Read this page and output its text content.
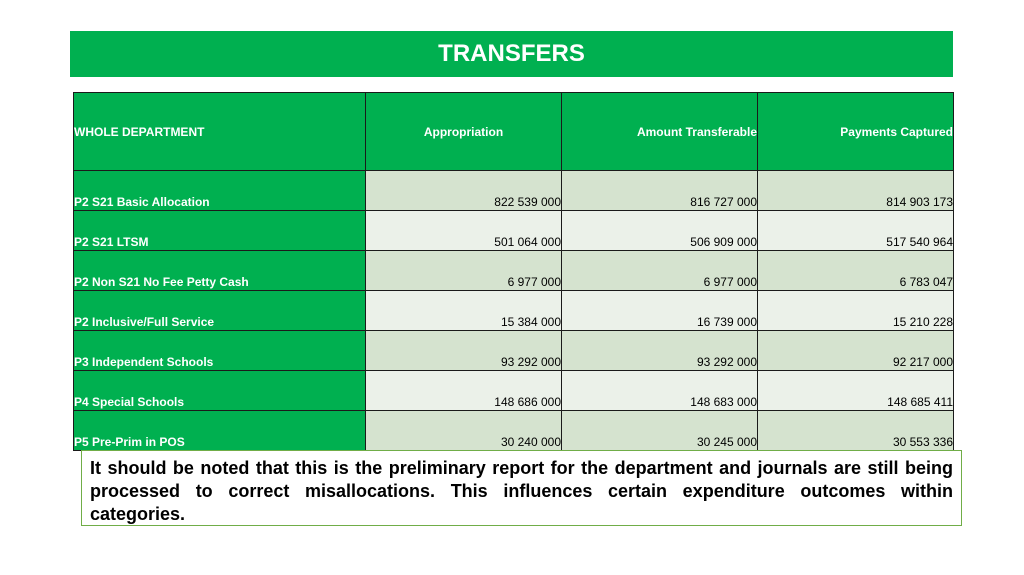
TRANSFERS
WHOLE DEPARTMENT	Appropriation	Amount Transferable	Payments Captured
P2 S21 Basic Allocation	822 539 000	816 727 000	814 903 173
P2 S21 LTSM	501 064 000	506 909 000	517 540 964
P2 Non S21 No Fee Petty Cash	6 977 000	6 977 000	6 783 047
P2 Inclusive/Full Service	15 384 000	16 739 000	15 210 228
P3 Independent Schools	93 292 000	93 292 000	92 217 000
P4 Special Schools	148 686 000	148 683 000	148 685 411
P5 Pre-Prim in POS	30 240 000	30 245 000	30 553 336
It should be noted that this is the preliminary report for the department and journals are still being processed to correct misallocations. This influences certain expenditure outcomes within categories.
